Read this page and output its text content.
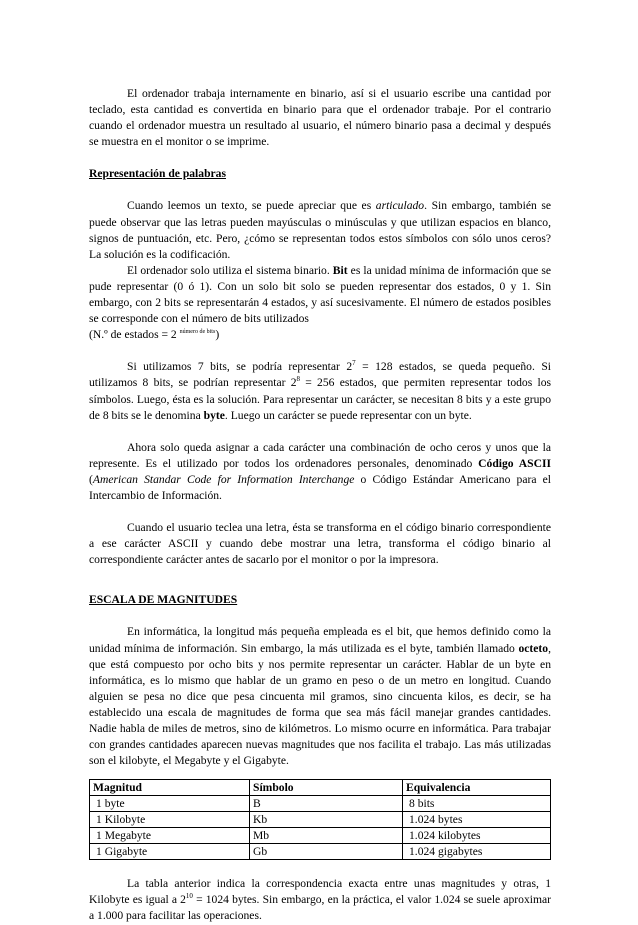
El ordenador trabaja internamente en binario, así si el usuario escribe una cantidad por teclado, esta cantidad es convertida en binario para que el ordenador trabaje. Por el contrario cuando el ordenador muestra un resultado al usuario, el número binario pasa a decimal y después se muestra en el monitor o se imprime.

Representación de palabras

Cuando leemos un texto, se puede apreciar que es articulado. Sin embargo, también se puede observar que las letras pueden mayúsculas o minúsculas y que utilizan espacios en blanco, signos de puntuación, etc. Pero, ¿cómo se representan todos estos símbolos con sólo unos ceros? La solución es la codificación.

El ordenador solo utiliza el sistema binario. Bit es la unidad mínima de información que se pude representar (0 ó 1). Con un solo bit solo se pueden representar dos estados, 0 y 1. Sin embargo, con 2 bits se representarán 4 estados, y así sucesivamente. El número de estados posibles se corresponde con el número de bits utilizados
(N.º de estados = 2 $^{número de bits}$)

Si utilizamos 7 bits, se podría representar $2^7 = 128$ estados, se queda pequeño. Si utilizamos 8 bits, se podrían representar $2^8 = 256$ estados, que permiten representar todos los símbolos. Luego, ésta es la solución. Para representar un carácter, se necesitan 8 bits y a este grupo de 8 bits se le denomina byte. Luego un carácter se puede representar con un byte.

Ahora solo queda asignar a cada carácter una combinación de ocho ceros y unos que la represente. Es el utilizado por todos los ordenadores personales, denominado Código ASCII (American Standar Code for Information Interchange o Código Estándar Americano para el Intercambio de Información.

Cuando el usuario teclea una letra, ésta se transforma en el código binario correspondiente a ese carácter ASCII y cuando debe mostrar una letra, transforma el código binario al correspondiente carácter antes de sacarlo por el monitor o por la impresora.

ESCALA DE MAGNITUDES

En informática, la longitud más pequeña empleada es el bit, que hemos definido como la unidad mínima de información. Sin embargo, la más utilizada es el byte, también llamado octeto, que está compuesto por ocho bits y nos permite representar un carácter. Hablar de un byte en informática, es lo mismo que hablar de un gramo en peso o de un metro en longitud. Cuando alguien se pesa no dice que pesa cincuenta mil gramos, sino cincuenta kilos, es decir, se ha establecido una escala de magnitudes de forma que sea más fácil manejar grandes cantidades. Nadie habla de miles de metros, sino de kilómetros. Lo mismo ocurre en informática. Para trabajar con grandes cantidades aparecen nuevas magnitudes que nos facilita el trabajo. Las más utilizadas son el kilobyte, el Megabyte y el Gigabyte.

Magnitud	Símbolo	Equivalencia
1 byte	B	8 bits
1 Kilobyte	Kb	1.024 bytes
1 Megabyte	Mb	1.024 kilobytes
1 Gigabyte	Gb	1.024 gigabytes

La tabla anterior indica la correspondencia exacta entre unas magnitudes y otras, 1 Kilobyte es igual a $2^{10} = 1024$ bytes. Sin embargo, en la práctica, el valor 1.024 se suele aproximar a 1.000 para facilitar las operaciones.
